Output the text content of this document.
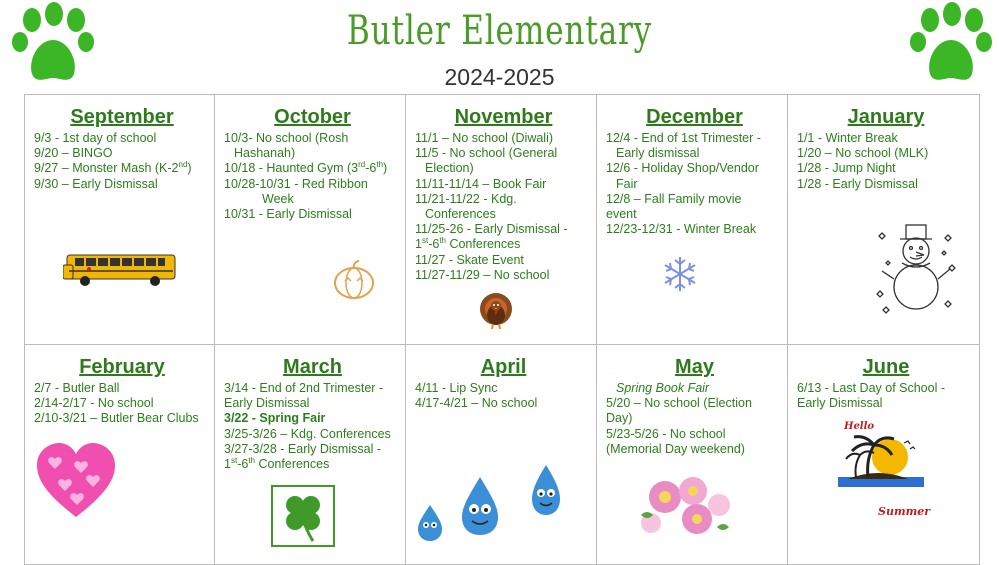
Butler Elementary
2024-2025
September
9/3 - 1st day of school
9/20 – BINGO
9/27 – Monster Mash (K-2nd)
9/30 – Early Dismissal
October
10/3- No school (Rosh
Hashanah)
10/18 - Haunted Gym (3rd-6th)
10/28-10/31 - Red Ribbon
Week
10/31 - Early Dismissal
November
11/1 – No school (Diwali)
11/5 - No school (General
Election)
11/11-11/14 – Book Fair
11/21-11/22 - Kdg.
Conferences
11/25-26 - Early Dismissal -
1st-6th Conferences
11/27 - Skate Event
11/27-11/29 – No school
December
12/4 - End of 1st Trimester -
Early dismissal
12/6 - Holiday Shop/Vendor
Fair
12/8 – Fall Family movie
event
12/23-12/31 - Winter Break
January
1/1 - Winter Break
1/20 – No school (MLK)
1/28 - Jump Night
1/28 - Early Dismissal
February
2/7 - Butler Ball
2/14-2/17 - No school
2/10-3/21 – Butler Bear Clubs
March
3/14 - End of 2nd Trimester -
Early Dismissal
3/22 - Spring Fair
3/25-3/26 – Kdg. Conferences
3/27-3/28 - Early Dismissal -
1st-6th Conferences
April
4/11 - Lip Sync
4/17-4/21 – No school
May
Spring Book Fair
5/20 – No school (Election
Day)
5/23-5/26 - No school
(Memorial Day weekend)
June
6/13 - Last Day of School -
Early Dismissal
Hello
Summer
